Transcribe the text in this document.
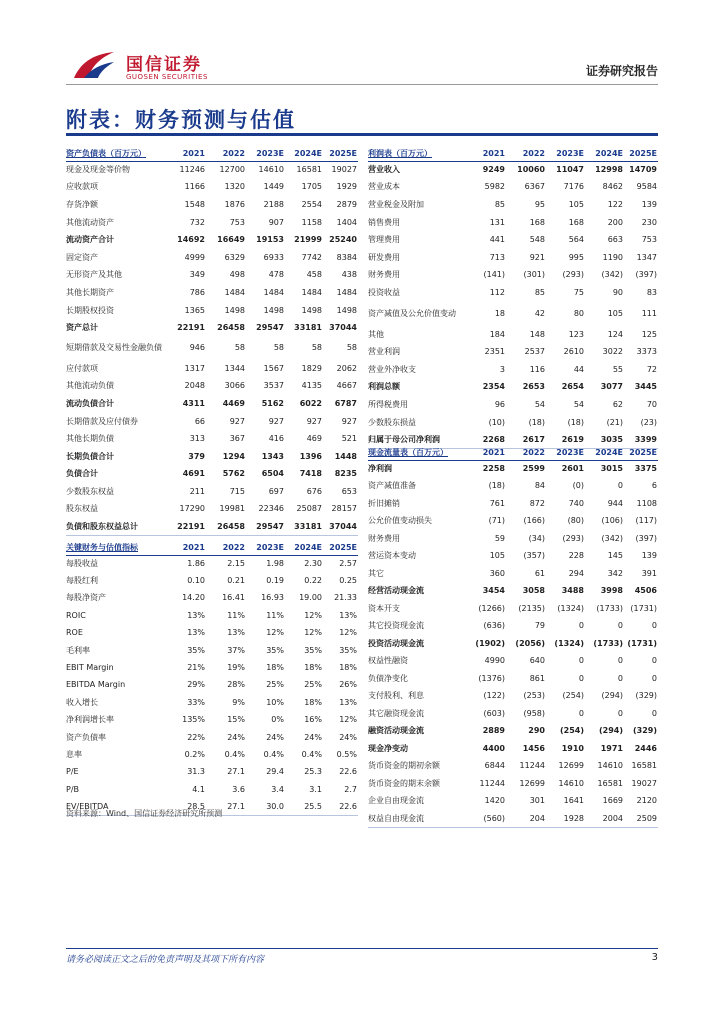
国信证券
GUOSEN SECURITIES	证券研究报告
附表：财务预测与估值
资产负债表（百万元）	2021	2022	2023E	2024E	2025E
现金及现金等价物	11246	12700	14610	16581	19027
应收款项	1166	1320	1449	1705	1929
存货净额	1548	1876	2188	2554	2879
其他流动资产	732	753	907	1158	1404
流动资产合计	14692	16649	19153	21999	25240
固定资产	4999	6329	6933	7742	8384
无形资产及其他	349	498	478	458	438
其他长期资产	786	1484	1484	1484	1484
长期股权投资	1365	1498	1498	1498	1498
资产总计	22191	26458	29547	33181	37044
短期借款及交易性金融负债	946	58	58	58	58
应付款项	1317	1344	1567	1829	2062
其他流动负债	2048	3066	3537	4135	4667
流动负债合计	4311	4469	5162	6022	6787
长期借款及应付债券	66	927	927	927	927
其他长期负债	313	367	416	469	521
长期负债合计	379	1294	1343	1396	1448
负债合计	4691	5762	6504	7418	8235
少数股东权益	211	715	697	676	653
股东权益	17290	19981	22346	25087	28157
负债和股东权益总计	22191	26458	29547	33181	37044
关键财务与估值指标	2021	2022	2023E	2024E	2025E
每股收益	1.86	2.15	1.98	2.30	2.57
每股红利	0.10	0.21	0.19	0.22	0.25
每股净资产	14.20	16.41	16.93	19.00	21.33
ROIC	13%	11%	11%	12%	13%
ROE	13%	13%	12%	12%	12%
毛利率	35%	37%	35%	35%	35%
EBIT Margin	21%	19%	18%	18%	18%
EBITDA Margin	29%	28%	25%	25%	26%
收入增长	33%	9%	10%	18%	13%
净利润增长率	135%	15%	0%	16%	12%
资产负债率	22%	24%	24%	24%	24%
息率	0.2%	0.4%	0.4%	0.4%	0.5%
P/E	31.3	27.1	29.4	25.3	22.6
P/B	4.1	3.6	3.4	3.1	2.7
EV/EBITDA	28.5	27.1	30.0	25.5	22.6
利润表（百万元）	2021	2022	2023E	2024E	2025E
营业收入	9249	10060	11047	12998	14709
营业成本	5982	6367	7176	8462	9584
营业税金及附加	85	95	105	122	139
销售费用	131	168	168	200	230
管理费用	441	548	564	663	753
研发费用	713	921	995	1190	1347
财务费用	(141)	(301)	(293)	(342)	(397)
投资收益	112	85	75	90	83
资产减值及公允价值变动	18	42	80	105	111
其他	184	148	123	124	125
营业利润	2351	2537	2610	3022	3373
营业外净收支	3	116	44	55	72
利润总额	2354	2653	2654	3077	3445
所得税费用	96	54	54	62	70
少数股东损益	(10)	(18)	(18)	(21)	(23)
归属于母公司净利润	2268	2617	2619	3035	3399
现金流量表（百万元）	2021	2022	2023E	2024E	2025E
净利润	2258	2599	2601	3015	3375
资产减值准备	(18)	84	(0)	0	6
折旧摊销	761	872	740	944	1108
公允价值变动损失	(71)	(166)	(80)	(106)	(117)
财务费用	59	(34)	(293)	(342)	(397)
营运资本变动	105	(357)	228	145	139
其它	360	61	294	342	391
经营活动现金流	3454	3058	3488	3998	4506
资本开支	(1266)	(2135)	(1324)	(1733)	(1731)
其它投资现金流	(636)	79	0	0	0
投资活动现金流	(1902)	(2056)	(1324)	(1733)	(1731)
权益性融资	4990	640	0	0	0
负债净变化	(1376)	861	0	0	0
支付股利、利息	(122)	(253)	(254)	(294)	(329)
其它融资现金流	(603)	(958)	0	0	0
融资活动现金流	2889	290	(254)	(294)	(329)
现金净变动	4400	1456	1910	1971	2446
货币资金的期初余额	6844	11244	12699	14610	16581
货币资金的期末余额	11244	12699	14610	16581	19027
企业自由现金流	1420	301	1641	1669	2120
权益自由现金流	(560)	204	1928	2004	2509
资料来源：Wind、国信证券经济研究所预测
请务必阅读正文之后的免责声明及其项下所有内容	3
